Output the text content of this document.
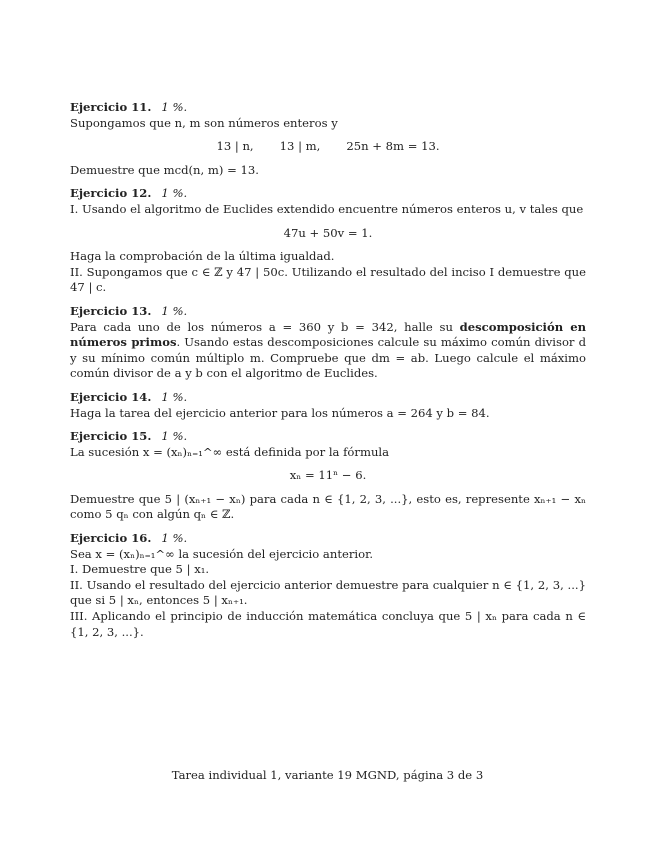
Ejercicio 11. 1 %.

Supongamos que n, m son números enteros y

13 | n, 13 | m, 25n + 8m = 13.

Demuestre que mcd(n, m) = 13.

Ejercicio 12. 1 %.

I. Usando el algoritmo de Euclides extendido encuentre números enteros u, v tales que

47u + 50v = 1.

Haga la comprobación de la última igualdad.

II. Supongamos que c ∈ ℤ y 47 | 50c. Utilizando el resultado del inciso I demuestre que 47 | c.

Ejercicio 13. 1 %.

Para cada uno de los números a = 360 y b = 342, halle su descomposición en números primos. Usando estas descomposiciones calcule su máximo común divisor d y su mínimo común múltiplo m. Compruebe que dm = ab. Luego calcule el máximo común divisor de a y b con el algoritmo de Euclides.

Ejercicio 14. 1 %.

Haga la tarea del ejercicio anterior para los números a = 264 y b = 84.

Ejercicio 15. 1 %.

La sucesión x = (xₙ)ₙ₌₁^∞ está definida por la fórmula

xₙ = 11ⁿ − 6.

Demuestre que 5 | (xₙ₊₁ − xₙ) para cada n ∈ {1, 2, 3, ...}, esto es, represente xₙ₊₁ − xₙ como 5 qₙ con algún qₙ ∈ ℤ.

Ejercicio 16. 1 %.

Sea x = (xₙ)ₙ₌₁^∞ la sucesión del ejercicio anterior.

I. Demuestre que 5 | x₁.

II. Usando el resultado del ejercicio anterior demuestre para cualquier n ∈ {1, 2, 3, ...} que si 5 | xₙ, entonces 5 | xₙ₊₁.

III. Aplicando el principio de inducción matemática concluya que 5 | xₙ para cada n ∈ {1, 2, 3, ...}.

Tarea individual 1, variante 19 MGND, página 3 de 3
